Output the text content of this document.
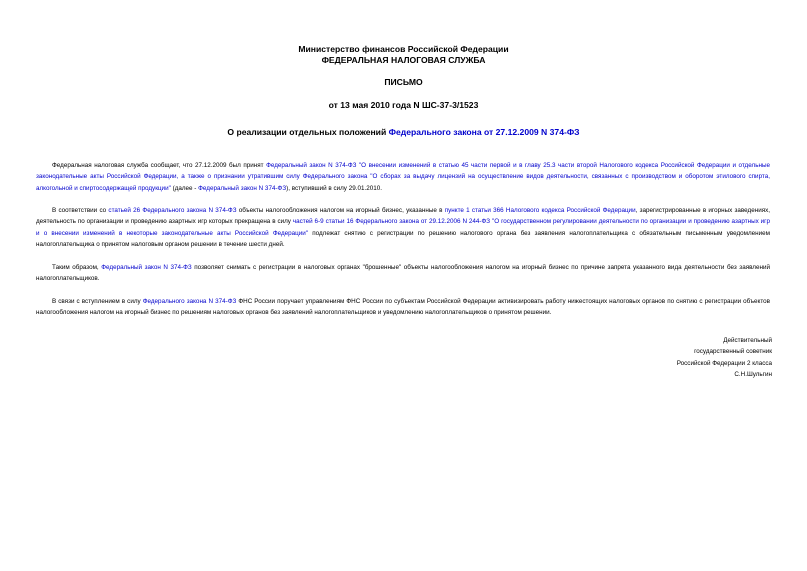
Министерство финансов Российской Федерации
ФЕДЕРАЛЬНАЯ НАЛОГОВАЯ СЛУЖБА
ПИСЬМО
от 13 мая 2010 года N ШС-37-3/1523
О реализации отдельных положений Федерального закона от 27.12.2009 N 374-ФЗ

Федеральная налоговая служба сообщает, что 27.12.2009 был принят Федеральный закон N 374-ФЗ "О внесении изменений в статью 45 части первой и в главу 25.3 части второй Налогового кодекса Российской Федерации и отдельные законодательные акты Российской Федерации, а также о признании утратившим силу Федерального закона "О сборах за выдачу лицензий на осуществление видов деятельности, связанных с производством и оборотом этилового спирта, алкогольной и спиртосодержащей продукции" (далее - Федеральный закон N 374-ФЗ), вступивший в силу 29.01.2010.

В соответствии со статьей 26 Федерального закона N 374-ФЗ объекты налогообложения налогом на игорный бизнес, указанные в пункте 1 статьи 366 Налогового кодекса Российской Федерации, зарегистрированные в игорных заведениях, деятельность по организации и проведению азартных игр которых прекращена в силу частей 6-9 статьи 16 Федерального закона от 29.12.2006 N 244-ФЗ "О государственном регулировании деятельности по организации и проведению азартных игр и о внесении изменений в некоторые законодательные акты Российской Федерации" подлежат снятию с регистрации по решению налогового органа без заявления налогоплательщика с обязательным письменным уведомлением налогоплательщика о принятом налоговым органом решении в течение шести дней.

Таким образом, Федеральный закон N 374-ФЗ позволяет снимать с регистрации в налоговых органах "брошенные" объекты налогообложения налогом на игорный бизнес по причине запрета указанного вида деятельности без заявлений налогоплательщиков.

В связи с вступлением в силу Федерального закона N 374-ФЗ ФНС России поручает управлениям ФНС России по субъектам Российской Федерации активизировать работу нижестоящих налоговых органов по снятию с регистрации объектов налогообложения налогом на игорный бизнес по решениям налоговых органов без заявлений налогоплательщиков и уведомлению налогоплательщиков о принятом решении.

Действительный
государственный советник
Российской Федерации 2 класса
С.Н.Шульгин
